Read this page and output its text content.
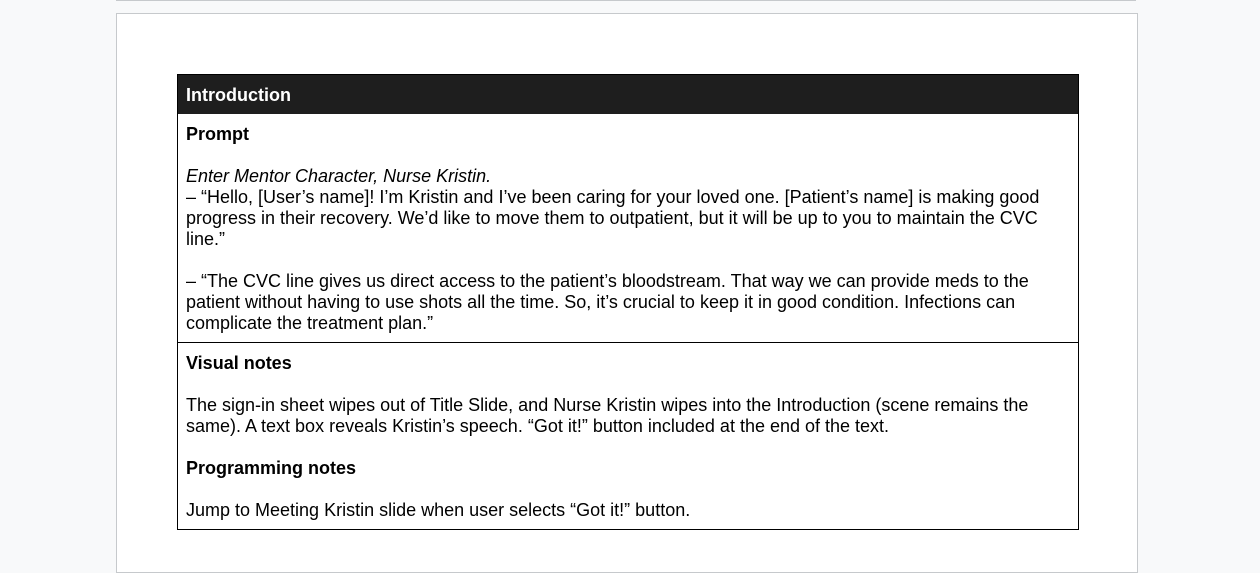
Introduction

Prompt

Enter Mentor Character, Nurse Kristin.

– “Hello, [User’s name]! I’m Kristin and I’ve been caring for your loved one. [Patient’s name] is making good progress in their recovery. We’d like to move them to outpatient, but it will be up to you to maintain the CVC line.”

– “The CVC line gives us direct access to the patient’s bloodstream. That way we can provide meds to the patient without having to use shots all the time. So, it’s crucial to keep it in good condition. Infections can complicate the treatment plan.”

Visual notes

The sign-in sheet wipes out of Title Slide, and Nurse Kristin wipes into the Introduction (scene remains the same). A text box reveals Kristin’s speech. “Got it!” button included at the end of the text.

Programming notes

Jump to Meeting Kristin slide when user selects “Got it!” button.
